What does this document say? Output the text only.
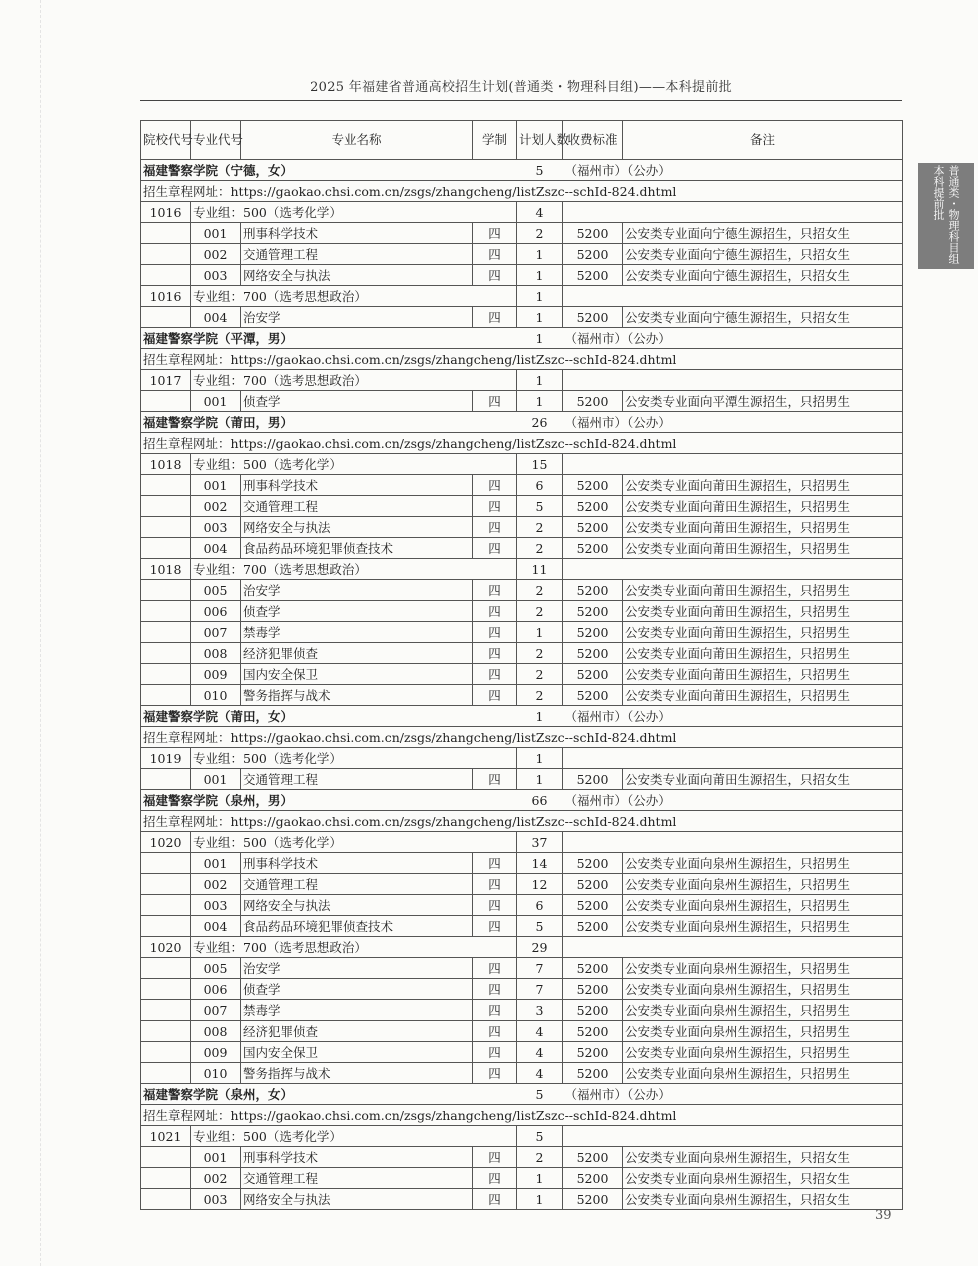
2025 年福建省普通高校招生计划(普通类・物理科目组)——本科提前批
普通类・物理科目组
本科提前批
院校代号	专业代号	专业名称	学制	计划人数	收费标准	备注
福建警察学院（宁德，女）				5	（福州市）（公办）	
招生章程网址：https://gaokao.chsi.com.cn/zsgs/zhangcheng/listZszc--schId-824.dhtml						
1016	专业组：500（选考化学）			4		
	001	刑事科学技术	四	2	5200	公安类专业面向宁德生源招生，只招女生
	002	交通管理工程	四	1	5200	公安类专业面向宁德生源招生，只招女生
	003	网络安全与执法	四	1	5200	公安类专业面向宁德生源招生，只招女生
1016	专业组：700（选考思想政治）			1		
	004	治安学	四	1	5200	公安类专业面向宁德生源招生，只招女生
福建警察学院（平潭，男）				1	（福州市）（公办）	
招生章程网址：https://gaokao.chsi.com.cn/zsgs/zhangcheng/listZszc--schId-824.dhtml						
1017	专业组：700（选考思想政治）			1		
	001	侦查学	四	1	5200	公安类专业面向平潭生源招生，只招男生
福建警察学院（莆田，男）				26	（福州市）（公办）	
招生章程网址：https://gaokao.chsi.com.cn/zsgs/zhangcheng/listZszc--schId-824.dhtml						
1018	专业组：500（选考化学）			15		
	001	刑事科学技术	四	6	5200	公安类专业面向莆田生源招生，只招男生
	002	交通管理工程	四	5	5200	公安类专业面向莆田生源招生，只招男生
	003	网络安全与执法	四	2	5200	公安类专业面向莆田生源招生，只招男生
	004	食品药品环境犯罪侦查技术	四	2	5200	公安类专业面向莆田生源招生，只招男生
1018	专业组：700（选考思想政治）			11		
	005	治安学	四	2	5200	公安类专业面向莆田生源招生，只招男生
	006	侦查学	四	2	5200	公安类专业面向莆田生源招生，只招男生
	007	禁毒学	四	1	5200	公安类专业面向莆田生源招生，只招男生
	008	经济犯罪侦查	四	2	5200	公安类专业面向莆田生源招生，只招男生
	009	国内安全保卫	四	2	5200	公安类专业面向莆田生源招生，只招男生
	010	警务指挥与战术	四	2	5200	公安类专业面向莆田生源招生，只招男生
福建警察学院（莆田，女）				1	（福州市）（公办）	
招生章程网址：https://gaokao.chsi.com.cn/zsgs/zhangcheng/listZszc--schId-824.dhtml						
1019	专业组：500（选考化学）			1		
	001	交通管理工程	四	1	5200	公安类专业面向莆田生源招生，只招女生
福建警察学院（泉州，男）				66	（福州市）（公办）	
招生章程网址：https://gaokao.chsi.com.cn/zsgs/zhangcheng/listZszc--schId-824.dhtml						
1020	专业组：500（选考化学）			37		
	001	刑事科学技术	四	14	5200	公安类专业面向泉州生源招生，只招男生
	002	交通管理工程	四	12	5200	公安类专业面向泉州生源招生，只招男生
	003	网络安全与执法	四	6	5200	公安类专业面向泉州生源招生，只招男生
	004	食品药品环境犯罪侦查技术	四	5	5200	公安类专业面向泉州生源招生，只招男生
1020	专业组：700（选考思想政治）			29		
	005	治安学	四	7	5200	公安类专业面向泉州生源招生，只招男生
	006	侦查学	四	7	5200	公安类专业面向泉州生源招生，只招男生
	007	禁毒学	四	3	5200	公安类专业面向泉州生源招生，只招男生
	008	经济犯罪侦查	四	4	5200	公安类专业面向泉州生源招生，只招男生
	009	国内安全保卫	四	4	5200	公安类专业面向泉州生源招生，只招男生
	010	警务指挥与战术	四	4	5200	公安类专业面向泉州生源招生，只招男生
福建警察学院（泉州，女）				5	（福州市）（公办）	
招生章程网址：https://gaokao.chsi.com.cn/zsgs/zhangcheng/listZszc--schId-824.dhtml						
1021	专业组：500（选考化学）			5		
	001	刑事科学技术	四	2	5200	公安类专业面向泉州生源招生，只招女生
	002	交通管理工程	四	1	5200	公安类专业面向泉州生源招生，只招女生
	003	网络安全与执法	四	1	5200	公安类专业面向泉州生源招生，只招女生
39
